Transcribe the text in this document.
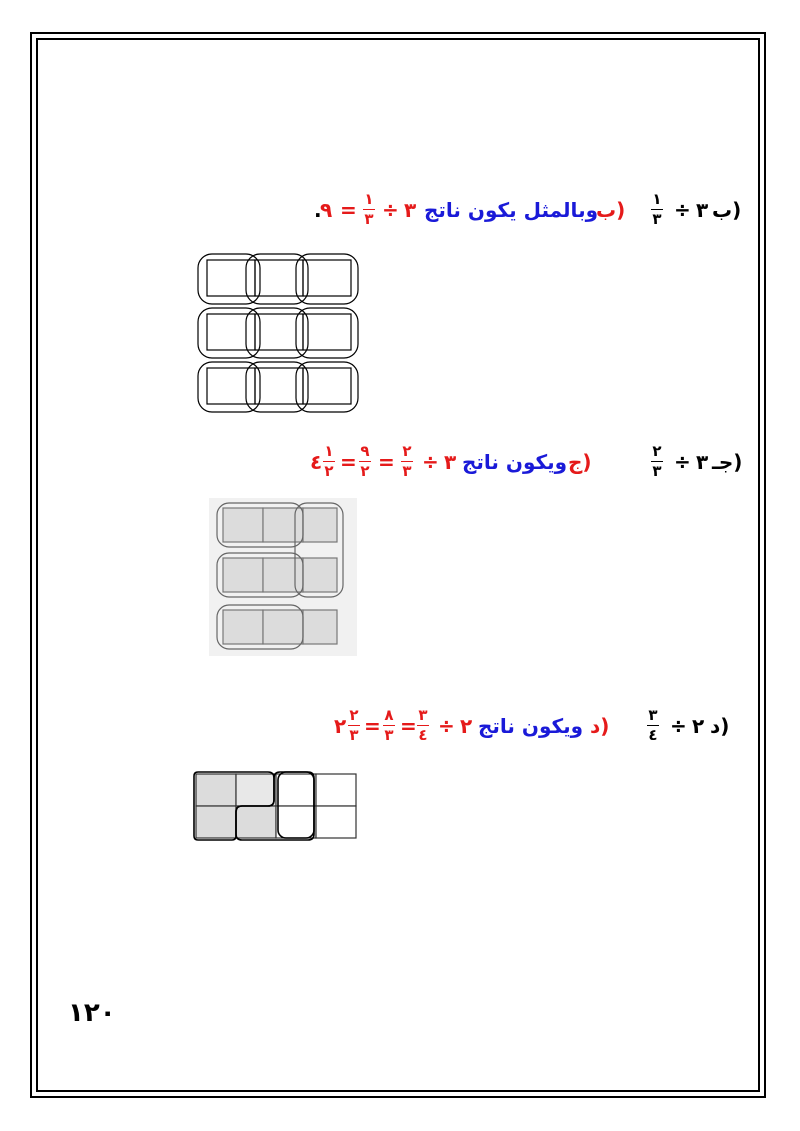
.
٩ = ١
٣ ÷ ٣ وبالمثل يكون ناتج
ب) ١
٣ ÷ ٣ ب)
٤ ١
٢ = ٩
٢ = ٢
٣ ÷ ٣ ويكون ناتج ج)	٢
٣ ÷ ٣ جـ)
٢ ٢
٣ = ٨
٣ = ٣
٤ ÷ ٢ ويكون ناتج د)	٣
٤ ÷ ٢ د)
١٢٠
